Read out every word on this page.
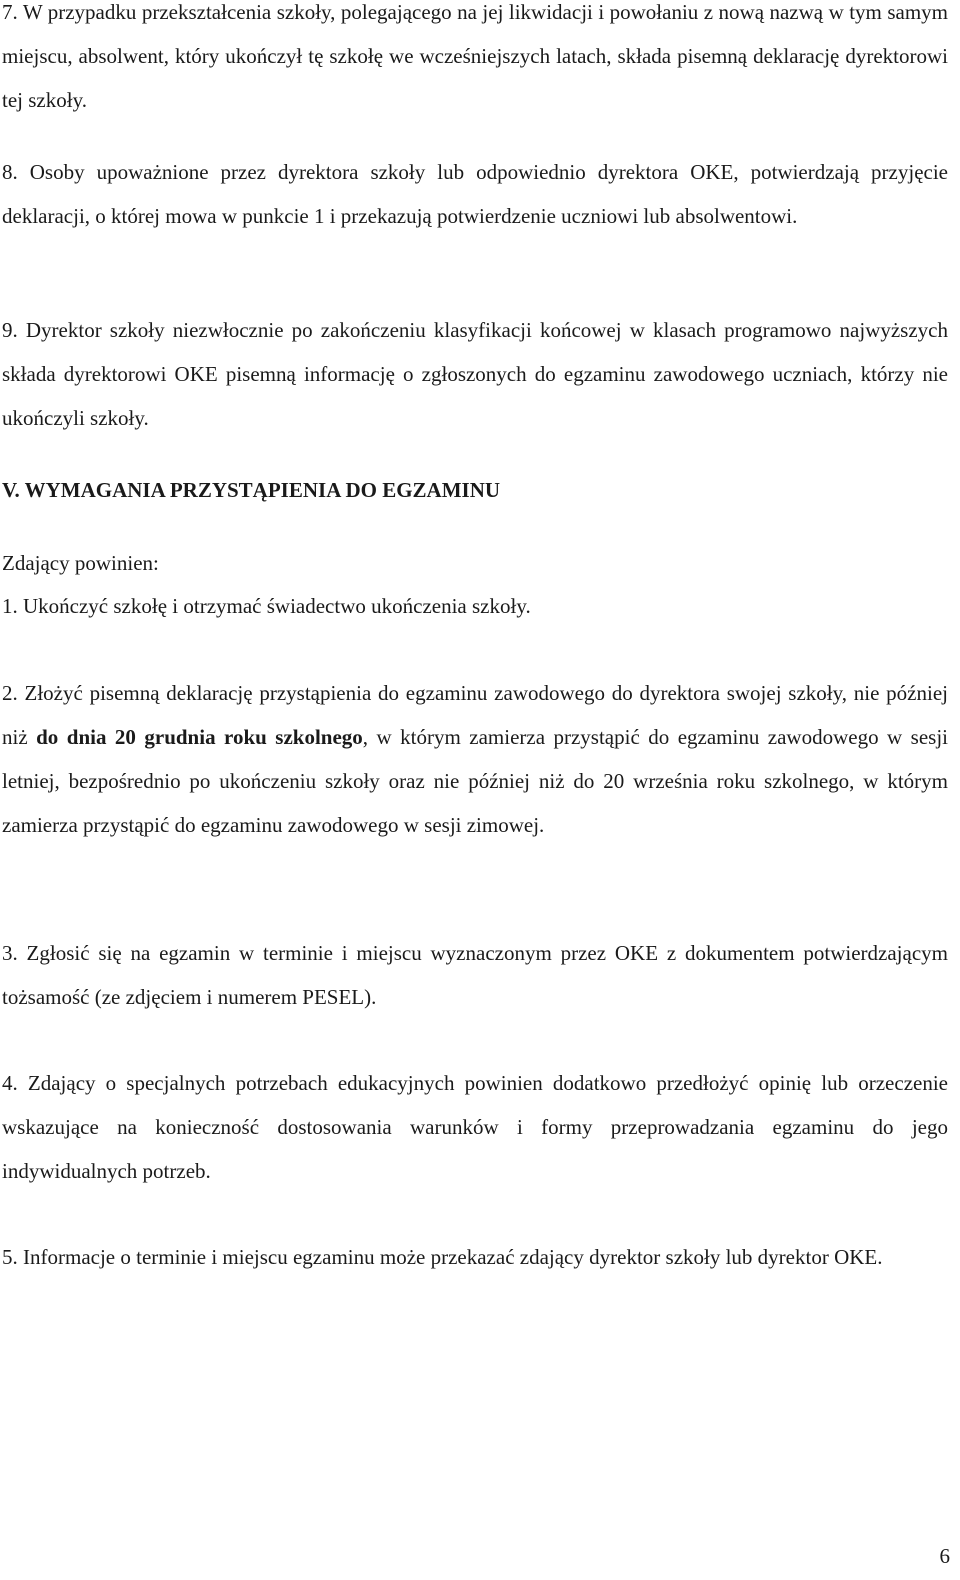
7. W przypadku przekształcenia szkoły, polegającego na jej likwidacji i powołaniu z nową nazwą w tym samym miejscu, absolwent, który ukończył tę szkołę we wcześniejszych latach, składa pisemną deklarację dyrektorowi tej szkoły.

8. Osoby upoważnione przez dyrektora szkoły lub odpowiednio dyrektora OKE, potwierdzają przyjęcie deklaracji, o której mowa w punkcie 1 i przekazują potwierdzenie uczniowi lub absolwentowi.

9. Dyrektor szkoły niezwłocznie po zakończeniu klasyfikacji końcowej w klasach programowo najwyższych składa dyrektorowi OKE pisemną informację o zgłoszonych do egzaminu zawodowego uczniach, którzy nie ukończyli szkoły.

V. WYMAGANIA PRZYSTĄPIENIA DO EGZAMINU

Zdający powinien:

1. Ukończyć szkołę i otrzymać świadectwo ukończenia szkoły.

2. Złożyć pisemną deklarację przystąpienia do egzaminu zawodowego do dyrektora swojej szkoły, nie później niż do dnia 20 grudnia roku szkolnego, w którym zamierza przystąpić do egzaminu zawodowego w sesji letniej, bezpośrednio po ukończeniu szkoły oraz nie później niż do 20 września roku szkolnego, w którym zamierza przystąpić do egzaminu zawodowego w sesji zimowej.

3. Zgłosić się na egzamin w terminie i miejscu wyznaczonym przez OKE z dokumentem potwierdzającym tożsamość (ze zdjęciem i numerem PESEL).

4. Zdający o specjalnych potrzebach edukacyjnych powinien dodatkowo przedłożyć opinię lub orzeczenie wskazujące na konieczność dostosowania warunków i formy przeprowadzania egzaminu do jego indywidualnych potrzeb.

5. Informacje o terminie i miejscu egzaminu może przekazać zdający dyrektor szkoły lub dyrektor OKE.

6
